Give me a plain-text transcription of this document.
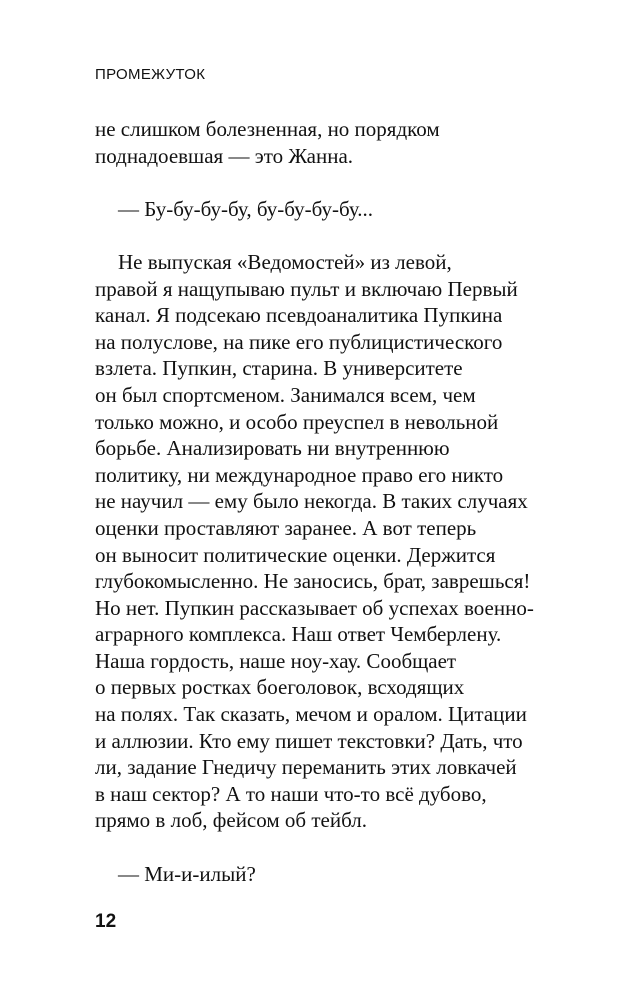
ПРОМЕЖУТОК
не слишком болезненная, но порядком
поднадоевшая — это Жанна.
— Бу-бу-бу-бу, бу-бу-бу-бу...
Не выпуская «Ведомостей» из левой,
правой я нащупываю пульт и включаю Первый
канал. Я подсекаю псевдоаналитика Пупкина
на полуслове, на пике его публицистического
взлета. Пупкин, старина. В университете
он был спортсменом. Занимался всем, чем
только можно, и особо преуспел в невольной
борьбе. Анализировать ни внутреннюю
политику, ни международное право его никто
не научил — ему было некогда. В таких случаях
оценки проставляют заранее. А вот теперь
он выносит политические оценки. Держится
глубокомысленно. Не заносись, брат, заврешься!
Но нет. Пупкин рассказывает об успехах военно-
аграрного комплекса. Наш ответ Чемберлену.
Наша гордость, наше ноу-хау. Сообщает
о первых ростках боеголовок, всходящих
на полях. Так сказать, мечом и оралом. Цитации
и аллюзии. Кто ему пишет текстовки? Дать, что
ли, задание Гнедичу переманить этих ловкачей
в наш сектор? А то наши что-то всё дубово,
прямо в лоб, фейсом об тейбл.
— Ми-и-илый?
12
